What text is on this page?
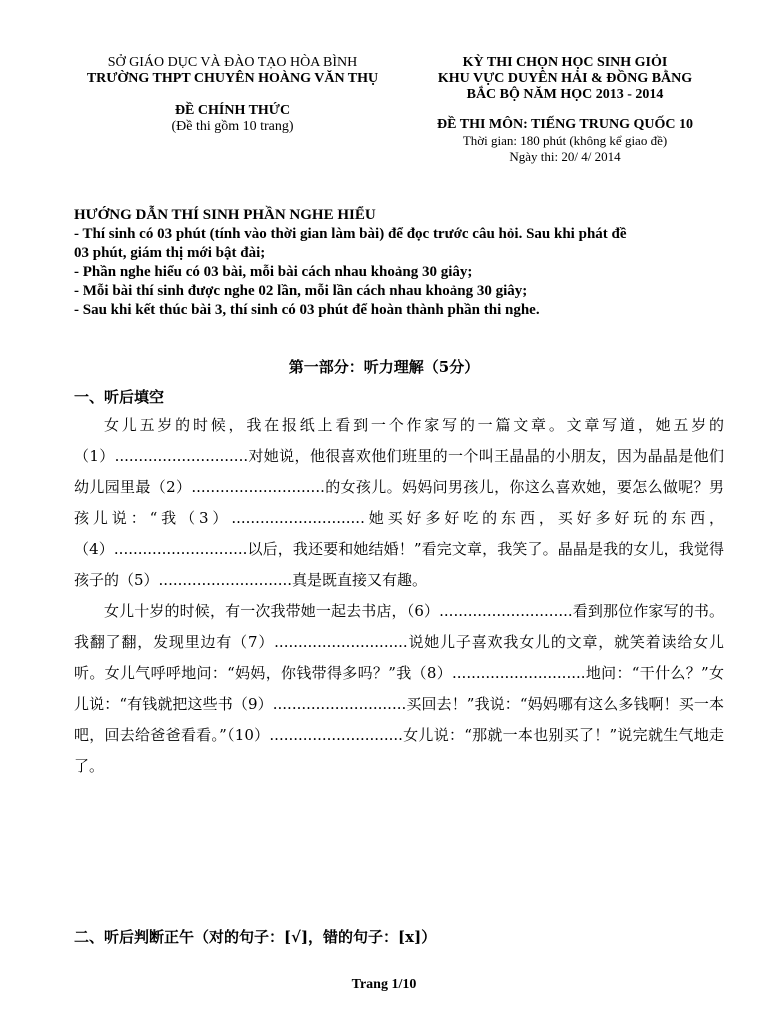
SỞ GIÁO DỤC VÀ ĐÀO TẠO HÒA BÌNH
TRƯỜNG THPT CHUYÊN HOÀNG VĂN THỤ
ĐỀ CHÍNH THỨC
(Đề thi gồm 10 trang)
KỲ THI CHỌN HỌC SINH GIỎI
KHU VỰC DUYÊN HẢI & ĐỒNG BẰNG
BẮC BỘ NĂM HỌC 2013 - 2014
ĐỀ THI MÔN: TIẾNG TRUNG QUỐC 10
Thời gian: 180 phút (không kể giao đề)
Ngày thi: 20/ 4/ 2014
HƯỚNG DẪN THÍ SINH PHẦN NGHE HIỂU
- Thí sinh có 03 phút (tính vào thời gian làm bài) để đọc trước câu hỏi. Sau khi phát đề
03 phút, giám thị mới bật đài;
- Phần nghe hiểu có 03 bài, mỗi bài cách nhau khoảng 30 giây;
- Mỗi bài thí sinh được nghe 02 lần, mỗi lần cách nhau khoảng 30 giây;
- Sau khi kết thúc bài 3, thí sinh có 03 phút để hoàn thành phần thi nghe.
第一部分：听力理解（5分）
一、听后填空

女儿五岁的时候，我在报纸上看到一个作家写的一篇文章。文章写道，她五岁的（1）............................对她说，他很喜欢他们班里的一个叫王晶晶的小朋友，因为晶晶是他们幼儿园里最（2）............................的女孩儿。妈妈问男孩儿，你这么喜欢她，要怎么做呢？男孩儿说：“我（3）............................她买好多好吃的东西，买好多好玩的东西，（4）............................以后，我还要和她结婚！”看完文章，我笑了。晶晶是我的女儿，我觉得孩子的（5）............................真是既直接又有趣。

女儿十岁的时候，有一次我带她一起去书店，（6）............................看到那位作家写的书。我翻了翻，发现里边有（7）............................说她儿子喜欢我女儿的文章，就笑着读给女儿听。女儿气呼呼地问：“妈妈，你钱带得多吗？”我（8）............................地问：“干什么？”女儿说：“有钱就把这些书（9）............................买回去！”我说：“妈妈哪有这么多钱啊！买一本吧，回去给爸爸看看。”（10）............................女儿说：“那就一本也别买了！”说完就生气地走了。

二、听后判断正午（对的句子：[√]，错的句子：[x]）
Trang 1/10
